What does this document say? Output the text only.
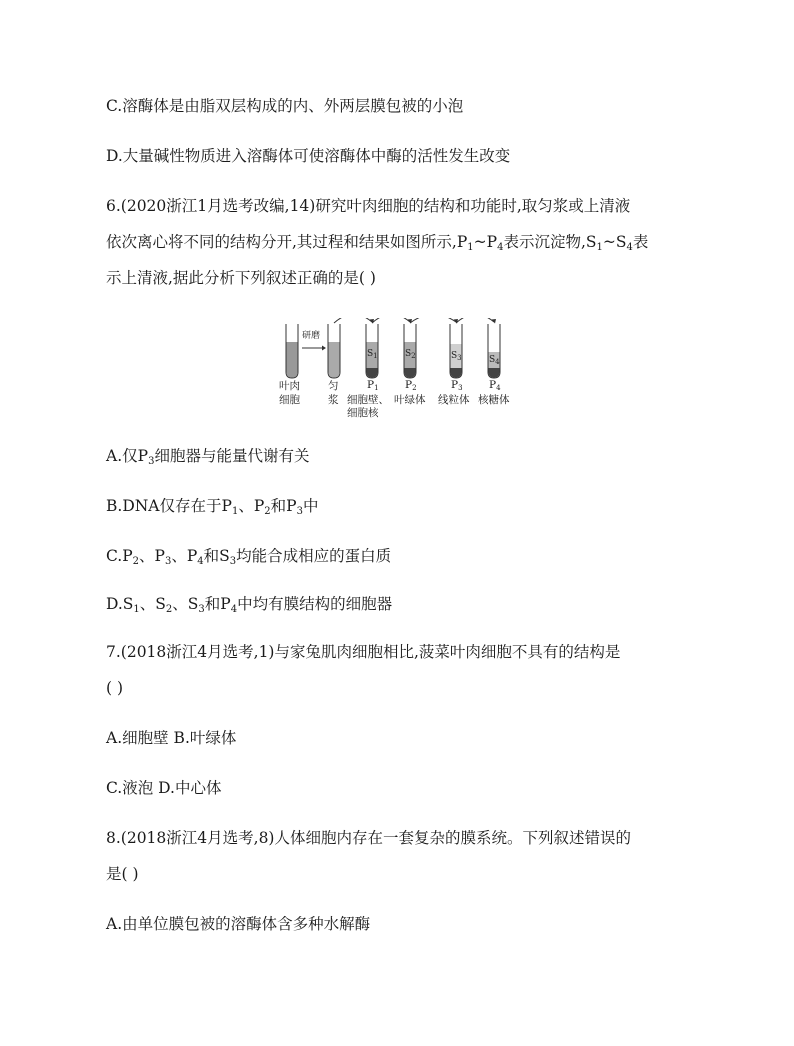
C.溶酶体是由脂双层构成的内、外两层膜包被的小泡
D.大量碱性物质进入溶酶体可使溶酶体中酶的活性发生改变
6.(2020浙江1月选考改编,14)研究叶肉细胞的结构和功能时,取匀浆或上清液
依次离心将不同的结构分开,其过程和结果如图所示$,P_1\sim P_4$表示沉淀物$,S_1\sim S_4$表
示上清液,据此分析下列叙述正确的是( )
研磨
$S_1$	$S_2$	$S_3$	$S_4$
叶肉
细胞
匀
浆
$P_1$	$P_2$	$P_3$	$P_4$
细胞壁、
细胞核
叶绿体 线粒体 核糖体
A.仅$P_3$细胞器与能量代谢有关
B.DNA仅存在于$P_1$、$P_2$和$P_3$中
$C.P_2$、$P_3$、$P_4$和$S_3$均能合成相应的蛋白质
$D.S_1$、$S_2$、$S_3$和$P_4$中均有膜结构的细胞器
7.(2018浙江4月选考,1)与家兔肌肉细胞相比,菠菜叶肉细胞不具有的结构是
( )
A.细胞壁 B.叶绿体
C.液泡 D.中心体
8.(2018浙江4月选考,8)人体细胞内存在一套复杂的膜系统。下列叙述错误的
是( )
A.由单位膜包被的溶酶体含多种水解酶
